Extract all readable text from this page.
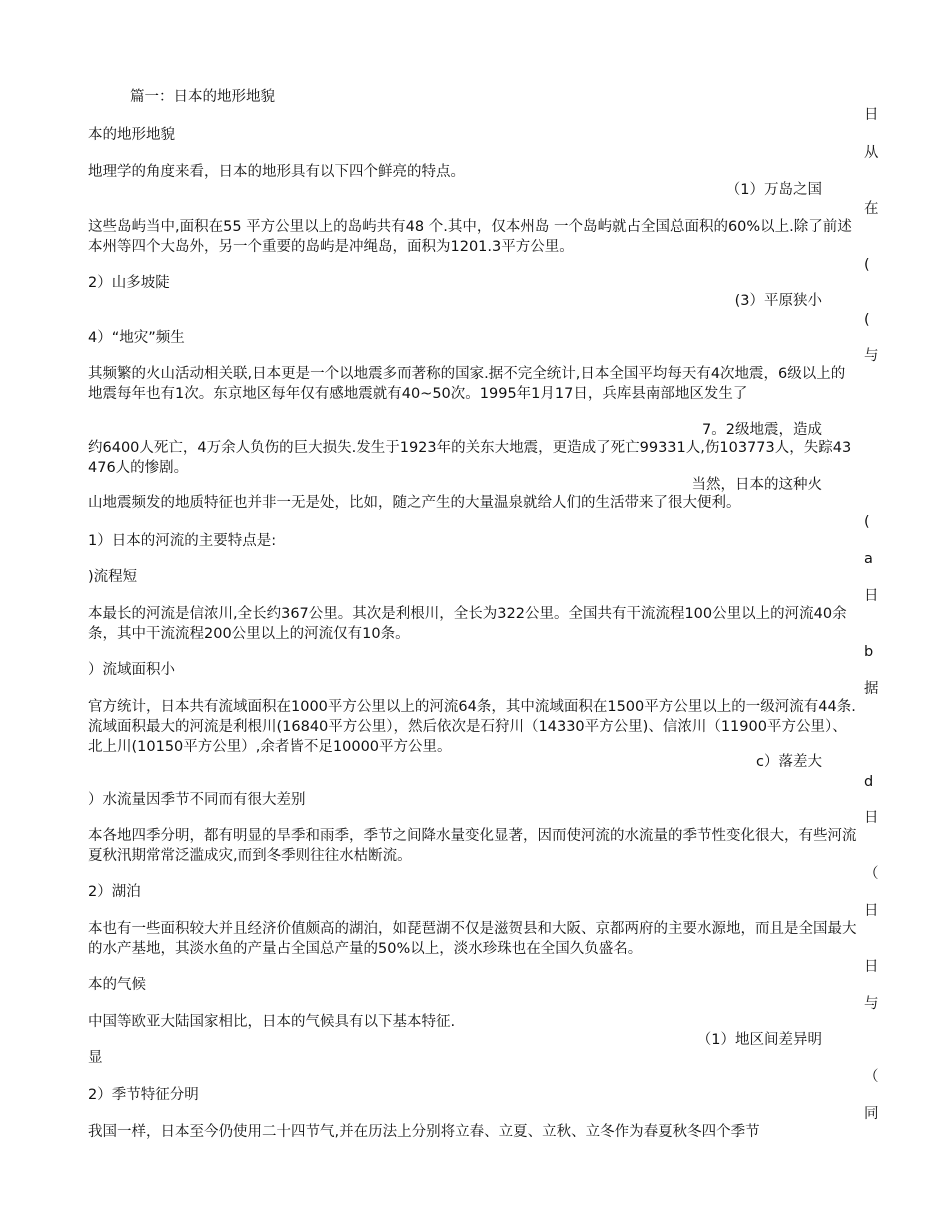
篇一：日本的地形地貌
本的地形地貌
地理学的角度来看，日本的地形具有以下四个鲜亮的特点。
（1）万岛之国
这些岛屿当中,面积在55 平方公里以上的岛屿共有48 个.其中，仅本州岛 一个岛屿就占全国总面积的60%以上.除了前述本州等四个大岛外，另一个重要的岛屿是冲绳岛，面积为1201.3平方公里。
2）山多坡陡
(3）平原狭小
4）“地灾”频生
其频繁的火山活动相关联,日本更是一个以地震多而著称的国家.据不完全统计,日本全国平均每天有4次地震，6级以上的地震每年也有1次。东京地区每年仅有感地震就有40~50次。1995年1月17日，兵库县南部地区发生了
7。2级地震，造成
约6400人死亡，4万余人负伤的巨大损失.发生于1923年的关东大地震，更造成了死亡99331人,伤103773人，失踪43476人的惨剧。
当然，日本的这种火
山地震频发的地质特征也并非一无是处，比如，随之产生的大量温泉就给人们的生活带来了很大便利。
1）日本的河流的主要特点是:
)流程短
本最长的河流是信浓川,全长约367公里。其次是利根川，全长为322公里。全国共有干流流程100公里以上的河流40余条，其中干流流程200公里以上的河流仅有10条。
）流域面积小
官方统计，日本共有流域面积在1000平方公里以上的河流64条，其中流域面积在1500平方公里以上的一级河流有44条.流域面积最大的河流是利根川(16840平方公里），然后依次是石狩川（14330平方公里)、信浓川（11900平方公里）、北上川(10150平方公里）,余者皆不足10000平方公里。
c）落差大
）水流量因季节不同而有很大差别
本各地四季分明，都有明显的旱季和雨季，季节之间降水量变化显著，因而使河流的水流量的季节性变化很大，有些河流夏秋汛期常常泛滥成灾,而到冬季则往往水枯断流。
2）湖泊
本也有一些面积较大并且经济价值颇高的湖泊，如琵琶湖不仅是滋贺县和大阪、京都两府的主要水源地，而且是全国最大的水产基地，其淡水鱼的产量占全国总产量的50%以上，淡水珍珠也在全国久负盛名。
本的气候
中国等欧亚大陆国家相比，日本的气候具有以下基本特征.
（1）地区间差异明
显
2）季节特征分明
我国一样，日本至今仍使用二十四节气,并在历法上分别将立春、立夏、立秋、立冬作为春夏秋冬四个季节
日
从
在
(
(
与
(
a
日
b
据
d
日
（
日
日
与
（
同
